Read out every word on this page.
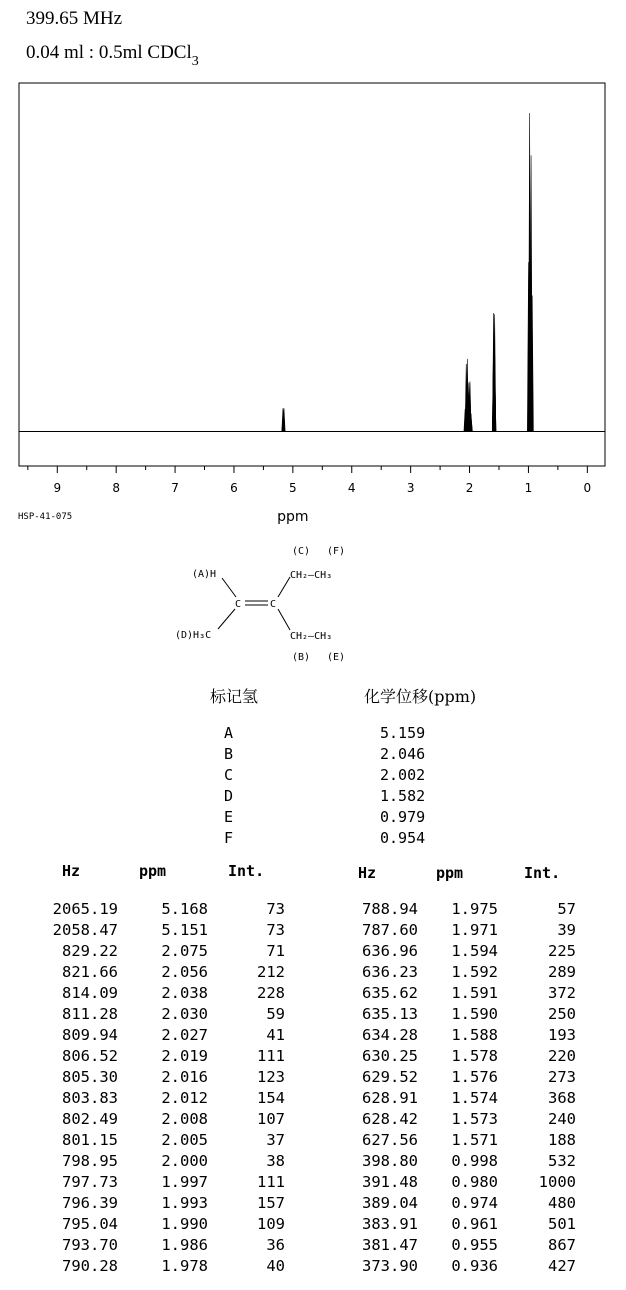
399.65 MHz
0.04 ml : 0.5ml CDCl$_3$
9	8	7	6	5	4	3	2	1	0
ppm
HSP-41-075
(C) (F)
(A)H	CH₂—CH₃
C	C
(D)H₃C	CH₂—CH₃
(B) (E)
标记氢	化学位移(ppm)
A	5.159
B	2.046
C	2.002
D	1.582
E	0.979
F	0.954
Hz	ppm	Int.	Hz	ppm	Int.
2065.19	5.168	73
2058.47	5.151	73
829.22	2.075	71
821.66	2.056	212
814.09	2.038	228
811.28	2.030	59
809.94	2.027	41
806.52	2.019	111
805.30	2.016	123
803.83	2.012	154
802.49	2.008	107
801.15	2.005	37
798.95	2.000	38
797.73	1.997	111
796.39	1.993	157
795.04	1.990	109
793.70	1.986	36
790.28	1.978	40
788.94	1.975	57
787.60	1.971	39
636.96	1.594	225
636.23	1.592	289
635.62	1.591	372
635.13	1.590	250
634.28	1.588	193
630.25	1.578	220
629.52	1.576	273
628.91	1.574	368
628.42	1.573	240
627.56	1.571	188
398.80	0.998	532
391.48	0.980	1000
389.04	0.974	480
383.91	0.961	501
381.47	0.955	867
373.90	0.936	427
